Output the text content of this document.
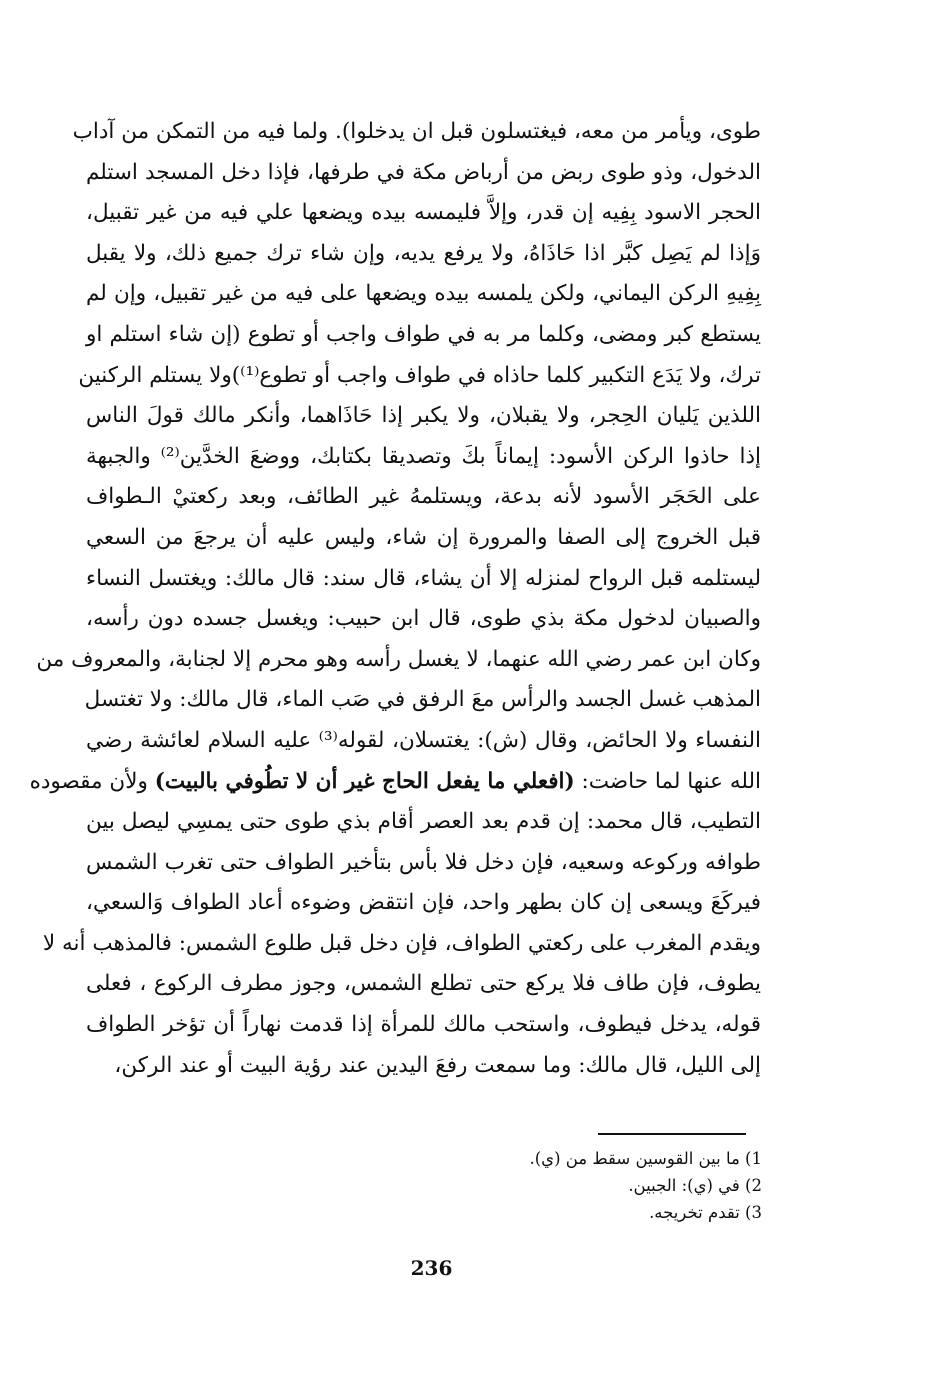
طوى، ويأمر من معه، فيغتسلون قبل ان يدخلوا). ولما فيه من التمكن من آداب
الدخول، وذو طوى ربض من أرباض مكة في طرفها، فإذا دخل المسجد استلم
الحجر الاسود بِفِيه إن قدر، وإلاَّ فليمسه بيده ويضعها علي فيه من غير تقبيل،
وَإذا لم يَصِل كبَّر اذا حَاذَاهُ، ولا يرفع يديه، وإن شاء ترك جميع ذلك، ولا يقبل
بِفِيهِ الركن اليماني، ولكن يلمسه بيده ويضعها على فيه من غير تقبيل، وإن لم
يستطع كبر ومضى، وكلما مر به في طواف واجب أو تطوع (إن شاء استلم او
ترك، ولا يَدَع التكبير كلما حاذاه في طواف واجب أو تطوع⁽¹⁾)ولا يستلم الركنين
اللذين يَليان الحِجر، ولا يقبلان، ولا يكبر إذا حَاذَاهما، وأنكر مالك قولَ الناس
إذا حاذوا الركن الأسود: إيماناً بكَ وتصديقا بكتابك، ووضعَ الخدَّين⁽²⁾ والجبهة
على الحَجَر الأسود لأنه بدعة، ويستلمهُ غير الطائف، وبعد ركعتيْ الـطواف
قبل الخروج إلى الصفا والمرورة إن شاء، وليس عليه أن يرجعَ من السعي
ليستلمه قبل الرواح لمنزله إلا أن يشاء، قال سند: قال مالك: ويغتسل النساء
والصبيان لدخول مكة بذي طوى، قال ابن حبيب: ويغسل جسده دون رأسه،
وكان ابن عمر رضي الله عنهما، لا يغسل رأسه وهو محرم إلا لجنابة، والمعروف من
المذهب غسل الجسد والرأس معَ الرفق في صَب الماء، قال مالك: ولا تغتسل
النفساء ولا الحائض، وقال (ش): يغتسلان، لقوله⁽³⁾ عليه السلام لعائشة رضي
الله عنها لما حاضت: (افعلي ما يفعل الحاج غير أن لا تطُوفي بالبيت) ولأن مقصوده
التطيب، قال محمد: إن قدم بعد العصر أقام بذي طوى حتى يمسِي ليصل بين
طوافه وركوعه وسعيه، فإن دخل فلا بأس بتأخير الطواف حتى تغرب الشمس
فيركَعَ ويسعى إن كان بطهر واحد، فإن انتقض وضوءه أعاد الطواف وَالسعي،
ويقدم المغرب على ركعتي الطواف، فإن دخل قبل طلوع الشمس: فالمذهب أنه لا
يطوف، فإن طاف فلا يركع حتى تطلع الشمس، وجوز مطرف الركوع ، فعلى
قوله، يدخل فيطوف، واستحب مالك للمرأة إذا قدمت نهاراً أن تؤخر الطواف
إلى الليل، قال مالك: وما سمعت رفعَ اليدين عند رؤية البيت أو عند الركن،
1) ما بين القوسين سقط من (ي).
2) في (ي): الجبين.
3) تقدم تخريجه.
236
